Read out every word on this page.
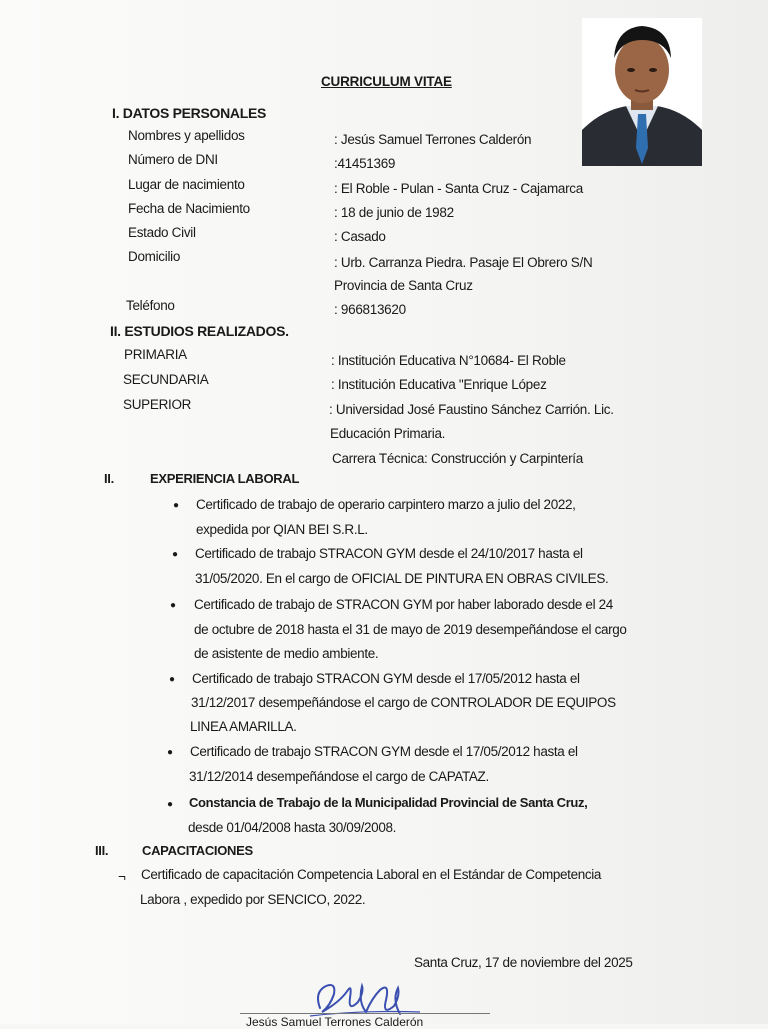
CURRICULUM VITAE
I. DATOS PERSONALES
Nombres y apellidos	: Jesús Samuel Terrones Calderón
Número de DNI	:41451369
Lugar de nacimiento	: El Roble - Pulan - Santa Cruz - Cajamarca
Fecha de Nacimiento	: 18 de junio de 1982
Estado Civil	: Casado
Domicilio	: Urb. Carranza Piedra. Pasaje El Obrero S/N
Provincia de Santa Cruz
Teléfono	: 966813620
II. ESTUDIOS REALIZADOS.
PRIMARIA	: Institución Educativa N°10684- El Roble
SECUNDARIA	: Institución Educativa "Enrique López
SUPERIOR	: Universidad José Faustino Sánchez Carrión. Lic.
Educación Primaria.
Carrera Técnica: Construcción y Carpintería
II.	EXPERIENCIA LABORAL
● Certificado de trabajo de operario carpintero marzo a julio del 2022,
expedida por QIAN BEI S.R.L.
● Certificado de trabajo STRACON GYM desde el 24/10/2017 hasta el
31/05/2020. En el cargo de OFICIAL DE PINTURA EN OBRAS CIVILES.
● Certificado de trabajo de STRACON GYM por haber laborado desde el 24
de octubre de 2018 hasta el 31 de mayo de 2019 desempeñándose el cargo
de asistente de medio ambiente.
● Certificado de trabajo STRACON GYM desde el 17/05/2012 hasta el
31/12/2017 desempeñándose el cargo de CONTROLADOR DE EQUIPOS
LINEA AMARILLA.
● Certificado de trabajo STRACON GYM desde el 17/05/2012 hasta el
31/12/2014 desempeñándose el cargo de CAPATAZ.
● Constancia de Trabajo de la Municipalidad Provincial de Santa Cruz,
desde 01/04/2008 hasta 30/09/2008.
III.	CAPACITACIONES
¬ Certificado de capacitación Competencia Laboral en el Estándar de Competencia
Labora , expedido por SENCICO, 2022.
Santa Cruz, 17 de noviembre del 2025
Jesús Samuel Terrones Calderón
